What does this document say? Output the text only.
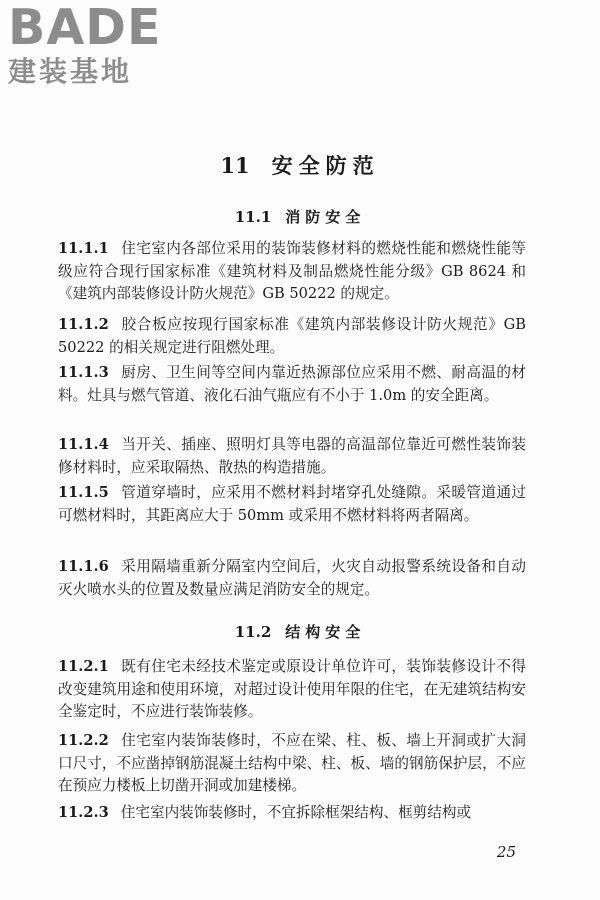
BADE
建装基地
11 安全防范
11.1 消防安全
11.1.1 住宅室内各部位采用的装饰装修材料的燃烧性能和燃烧性能等级应符合现行国家标准《建筑材料及制品燃烧性能分级》GB 8624 和《建筑内部装修设计防火规范》GB 50222 的规定。
11.1.2 胶合板应按现行国家标准《建筑内部装修设计防火规范》GB 50222 的相关规定进行阻燃处理。
11.1.3 厨房、卫生间等空间内靠近热源部位应采用不燃、耐高温的材料。灶具与燃气管道、液化石油气瓶应有不小于 1.0m 的安全距离。
11.1.4 当开关、插座、照明灯具等电器的高温部位靠近可燃性装饰装修材料时，应采取隔热、散热的构造措施。
11.1.5 管道穿墙时，应采用不燃材料封堵穿孔处缝隙。采暖管道通过可燃材料时，其距离应大于 50mm 或采用不燃材料将两者隔离。
11.1.6 采用隔墙重新分隔室内空间后，火灾自动报警系统设备和自动灭火喷水头的位置及数量应满足消防安全的规定。
11.2 结构安全
11.2.1 既有住宅未经技术鉴定或原设计单位许可，装饰装修设计不得改变建筑用途和使用环境，对超过设计使用年限的住宅，在无建筑结构安全鉴定时，不应进行装饰装修。
11.2.2 住宅室内装饰装修时，不应在梁、柱、板、墙上开洞或扩大洞口尺寸，不应凿掉钢筋混凝土结构中梁、柱、板、墙的钢筋保护层，不应在预应力楼板上切凿开洞或加建楼梯。
11.2.3 住宅室内装饰装修时，不宜拆除框架结构、框剪结构或
25
